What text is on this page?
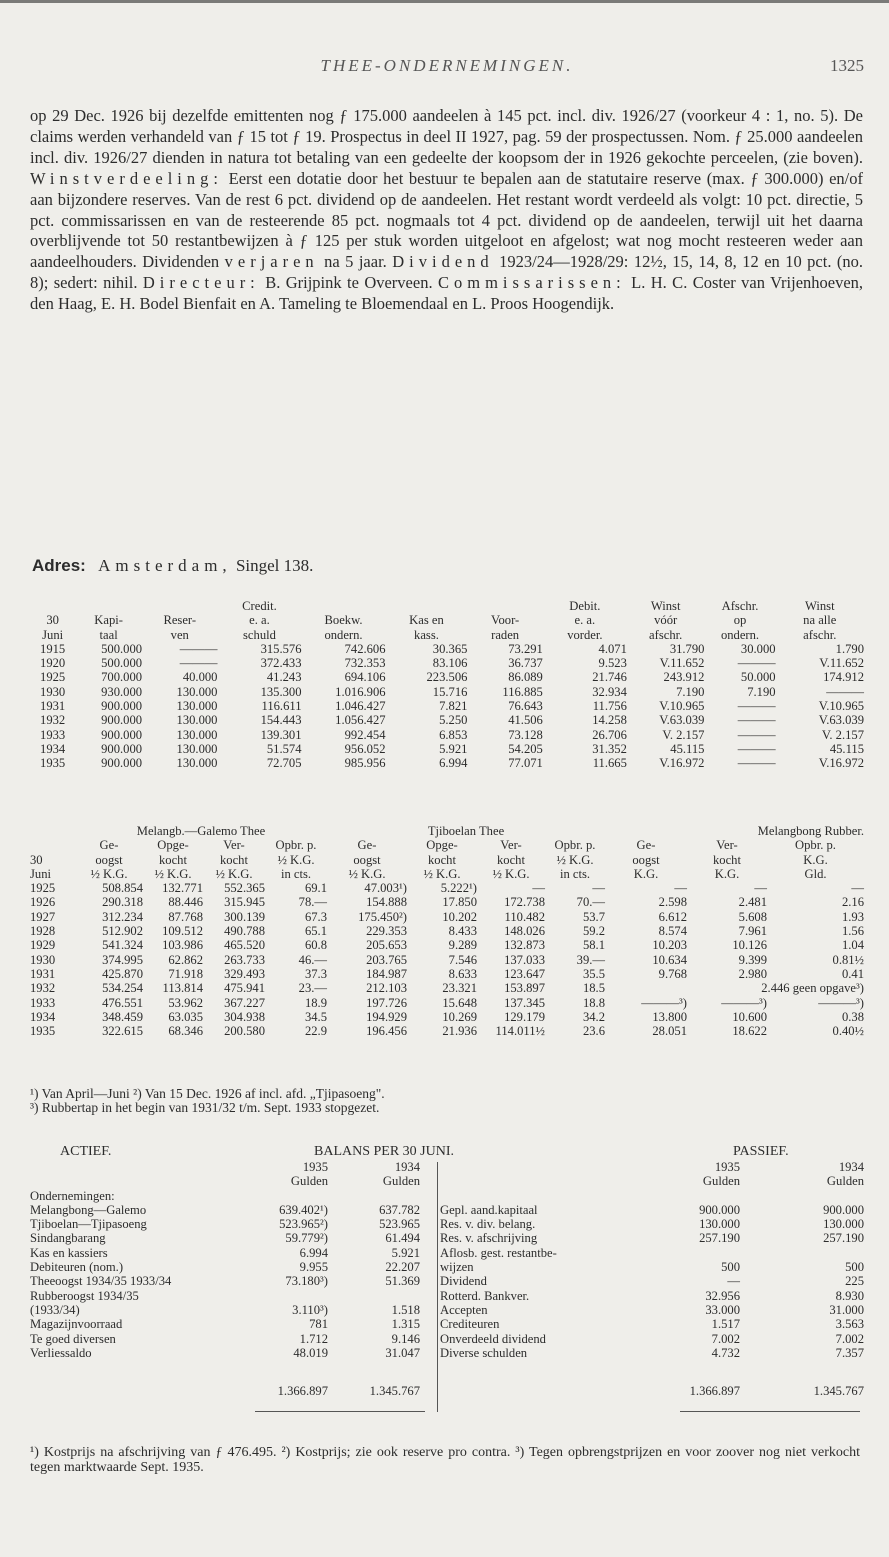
THEE-ONDERNEMINGEN.	1325

op 29 Dec. 1926 bij dezelfde emittenten nog ƒ 175.000 aandeelen à 145 pct. incl. div. 1926/27 (voorkeur 4 : 1, no. 5). De claims werden verhandeld van ƒ 15 tot ƒ 19. Prospectus in deel II 1927, pag. 59 der prospectussen. Nom. ƒ 25.000 aandeelen incl. div. 1926/27 dienden in natura tot betaling van een gedeelte der koopsom der in 1926 gekochte perceelen, (zie boven). Winstverdeeling: Eerst een dotatie door het bestuur te bepalen aan de statutaire reserve (max. ƒ 300.000) en/of aan bijzondere reserves. Van de rest 6 pct. dividend op de aandeelen. Het restant wordt verdeeld als volgt: 10 pct. directie, 5 pct. commissarissen en van de resteerende 85 pct. nogmaals tot 4 pct. dividend op de aandeelen, terwijl uit het daarna overblijvende tot 50 restantbewijzen à ƒ 125 per stuk worden uitgeloot en afgelost; wat nog mocht resteeren weder aan aandeelhouders. Dividenden verjaren na 5 jaar. Dividend 1923/24—1928/29: 12½, 15, 14, 8, 12 en 10 pct. (no. 8); sedert: nihil. Directeur: B. Grijpink te Overveen. Commissarissen: L. H. C. Coster van Vrijenhoeven, den Haag, E. H. Bodel Bienfait en A. Tameling te Bloemendaal en L. Proos Hoogendijk.

Adres: Amsterdam, Singel 138.
			Credit.				Debit.	Winst	Afschr.	Winst
30	Kapi-	Reser-	e. a.	Boekw.	Kas en	Voor-	e. a.	vóór	op	na alle
Juni	taal	ven	schuld	ondern.	kass.	raden	vorder.	afschr.	ondern.	afschr.
1915	500.000	———	315.576	742.606	30.365	73.291	4.071	31.790	30.000	1.790
1920	500.000	———	372.433	732.353	83.106	36.737	9.523	V.11.652	———	V.11.652
1925	700.000	40.000	41.243	694.106	223.506	86.089	21.746	243.912	50.000	174.912
1930	930.000	130.000	135.300	1.016.906	15.716	116.885	32.934	7.190	7.190	———
1931	900.000	130.000	116.611	1.046.427	7.821	76.643	11.756	V.10.965	———	V.10.965
1932	900.000	130.000	154.443	1.056.427	5.250	41.506	14.258	V.63.039	———	V.63.039
1933	900.000	130.000	139.301	992.454	6.853	73.128	26.706	V. 2.157	———	V. 2.157
1934	900.000	130.000	51.574	956.052	5.921	54.205	31.352	45.115	———	45.115
1935	900.000	130.000	72.705	985.956	6.994	77.071	11.665	V.16.972	———	V.16.972
	Melangb.—Galemo Thee				Tjiboelan Thee				Melangbong Rubber.		
	Ge-	Opge-	Ver-	Opbr. p.	Ge-	Opge-	Ver-	Opbr. p.	Ge-	Ver-	Opbr. p.
30	oogst	kocht	kocht	½ K.G.	oogst	kocht	kocht	½ K.G.	oogst	kocht	K.G.
Juni	½ K.G.	½ K.G.	½ K.G.	in cts.	½ K.G.	½ K.G.	½ K.G.	in cts.	K.G.	K.G.	Gld.
1925	508.854	132.771	552.365	69.1	47.003¹)	5.222¹)	—	—	—	—	—
1926	290.318	88.446	315.945	78.—	154.888	17.850	172.738	70.—	2.598	2.481	2.16
1927	312.234	87.768	300.139	67.3	175.450²)	10.202	110.482	53.7	6.612	5.608	1.93
1928	512.902	109.512	490.788	65.1	229.353	8.433	148.026	59.2	8.574	7.961	1.56
1929	541.324	103.986	465.520	60.8	205.653	9.289	132.873	58.1	10.203	10.126	1.04
1930	374.995	62.862	263.733	46.—	203.765	7.546	137.033	39.—	10.634	9.399	0.81½
1931	425.870	71.918	329.493	37.3	184.987	8.633	123.647	35.5	9.768	2.980	0.41
1932	534.254	113.814	475.941	23.—	212.103	23.321	153.897	18.5	2.446 geen opgave³)		
1933	476.551	53.962	367.227	18.9	197.726	15.648	137.345	18.8	———³)	———³)	———³)
1934	348.459	63.035	304.938	34.5	194.929	10.269	129.179	34.2	13.800	10.600	0.38
1935	322.615	68.346	200.580	22.9	196.456	21.936	114.011½	23.6	28.051	18.622	0.40½
¹) Van April—Juni ²) Van 15 Dec. 1926 af incl. afd. „Tjipasoeng".
³) Rubbertap in het begin van 1931/32 t/m. Sept. 1933 stopgezet.
ACTIEF.	BALANS PER 30 JUNI.	PASSIEF.
	1935	1934			1935	1934
	Gulden	Gulden			Gulden	Gulden
Ondernemingen:						
Melangbong—Galemo	639.402¹)	637.782		Gepl. aand.kapitaal	900.000	900.000
Tjiboelan—Tjipasoeng	523.965²)	523.965		Res. v. div. belang.	130.000	130.000
Sindangbarang	59.779²)	61.494		Res. v. afschrijving	257.190	257.190
Kas en kassiers	6.994	5.921		Aflosb. gest. restantbe-		
Debiteuren (nom.)	9.955	22.207		wijzen	500	500
Theeoogst 1934/35 1933/34	73.180³)	51.369		Dividend	—	225
Rubberoogst 1934/35				Rotterd. Bankver.	32.956	8.930
(1933/34)	3.110³)	1.518		Accepten	33.000	31.000
Magazijnvoorraad	781	1.315		Crediteuren	1.517	3.563
Te goed diversen	1.712	9.146		Onverdeeld dividend	7.002	7.002
Verliessaldo	48.019	31.047		Diverse schulden	4.732	7.357

	1.366.897	1.345.767			1.366.897	1.345.767
¹) Kostprijs na afschrijving van ƒ 476.495. ²) Kostprijs; zie ook reserve pro contra. ³) Tegen opbrengstprijzen en voor zoover nog niet verkocht tegen marktwaarde Sept. 1935.
